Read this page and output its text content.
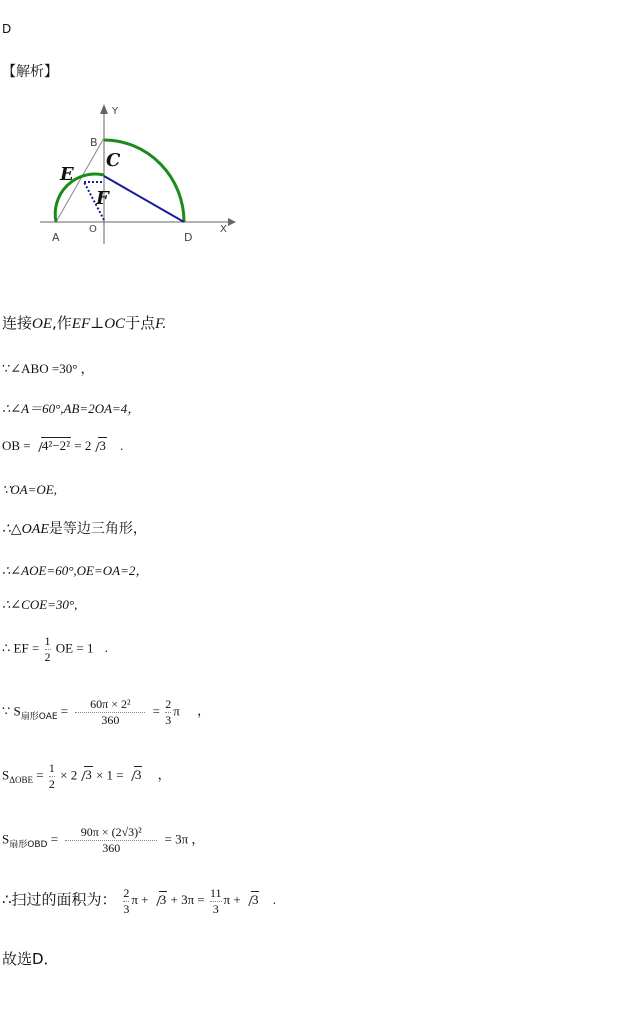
D
【解析】
Y
X
B
C
E
F
A
O
D
连接OE,作EF⊥OC于点F.
∵∠ABO =30° ，
∴∠A＝60°,AB=2OA=4，
OB = 4²−2² = 2 3 .
∵OA=OE,
∴△OAE是等边三角形，
∴∠AOE=60°,OE=OA=2，
∴∠COE=30°,
∴ EF = $\frac{1}{2}$ OE = 1 .
∵ $S_{扇形OAE} = \frac{\text{60π × 2²}}{360} = \frac{2}{3}$ π ，
$S_{\Delta OBE} = \frac{1}{2} \times 2$ 3 × 1 = 3 ，
$S_{扇形OBD} = \frac{\text{90π × (2√3)²}}{360} = 3\pi$ ，
∴扫过的面积为： $\frac{2}{3}$ $\pi + 3 + 3\pi = \frac{11}{3}$ π + 3 .
故选D．
